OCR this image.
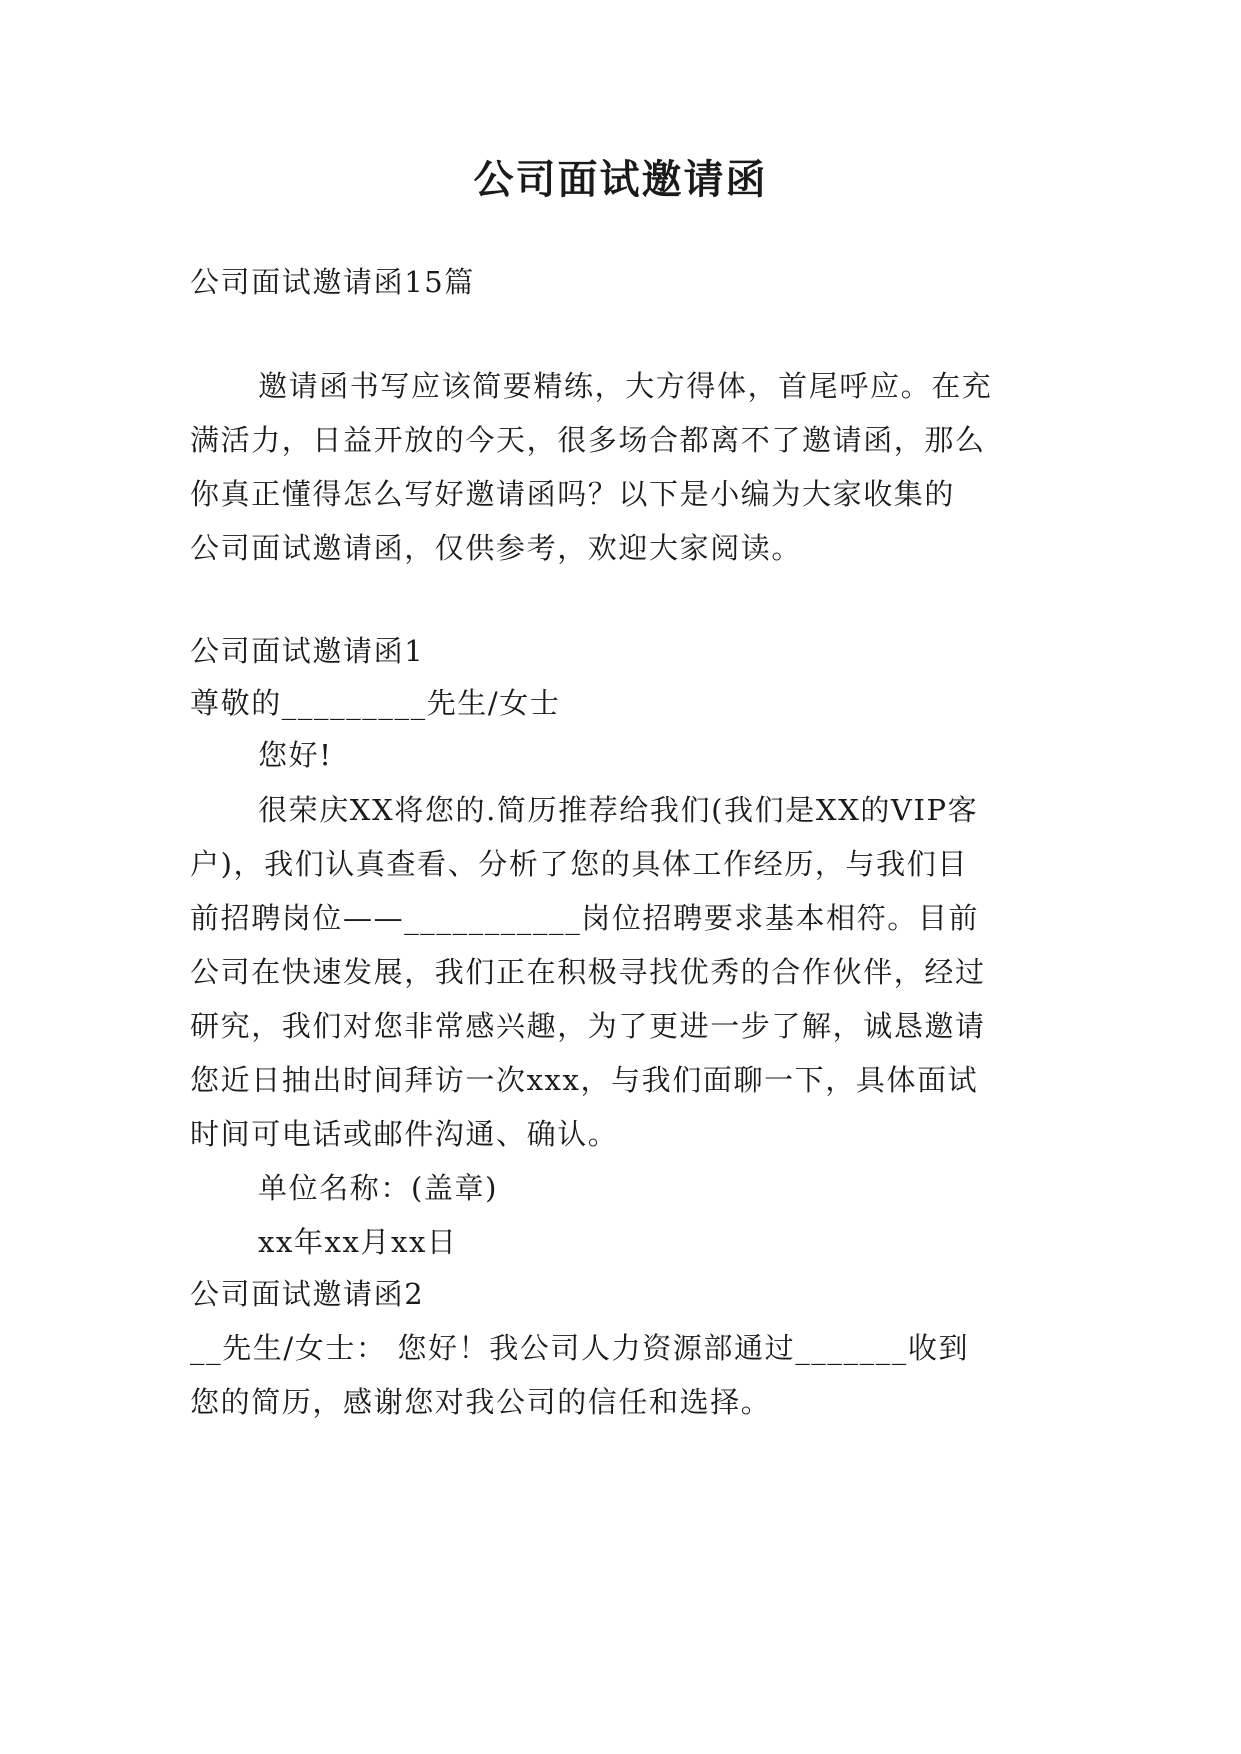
公司面试邀请函
公司面试邀请函15篇
邀请函书写应该简要精练，大方得体，首尾呼应。在充
满活力，日益开放的今天，很多场合都离不了邀请函，那么
你真正懂得怎么写好邀请函吗？以下是小编为大家收集的
公司面试邀请函，仅供参考，欢迎大家阅读。
公司面试邀请函1
尊敬的_________先生/女士
您好!
很荣庆XX将您的.简历推荐给我们(我们是XX的VIP客
户)，我们认真查看、分析了您的具体工作经历，与我们目
前招聘岗位——___________岗位招聘要求基本相符。目前
公司在快速发展，我们正在积极寻找优秀的合作伙伴，经过
研究，我们对您非常感兴趣，为了更进一步了解，诚恳邀请
您近日抽出时间拜访一次xxx，与我们面聊一下，具体面试
时间可电话或邮件沟通、确认。
单位名称：(盖章)
xx年xx月xx日
公司面试邀请函2
__先生/女士： 您好！我公司人力资源部通过_______收到
您的简历，感谢您对我公司的信任和选择。
